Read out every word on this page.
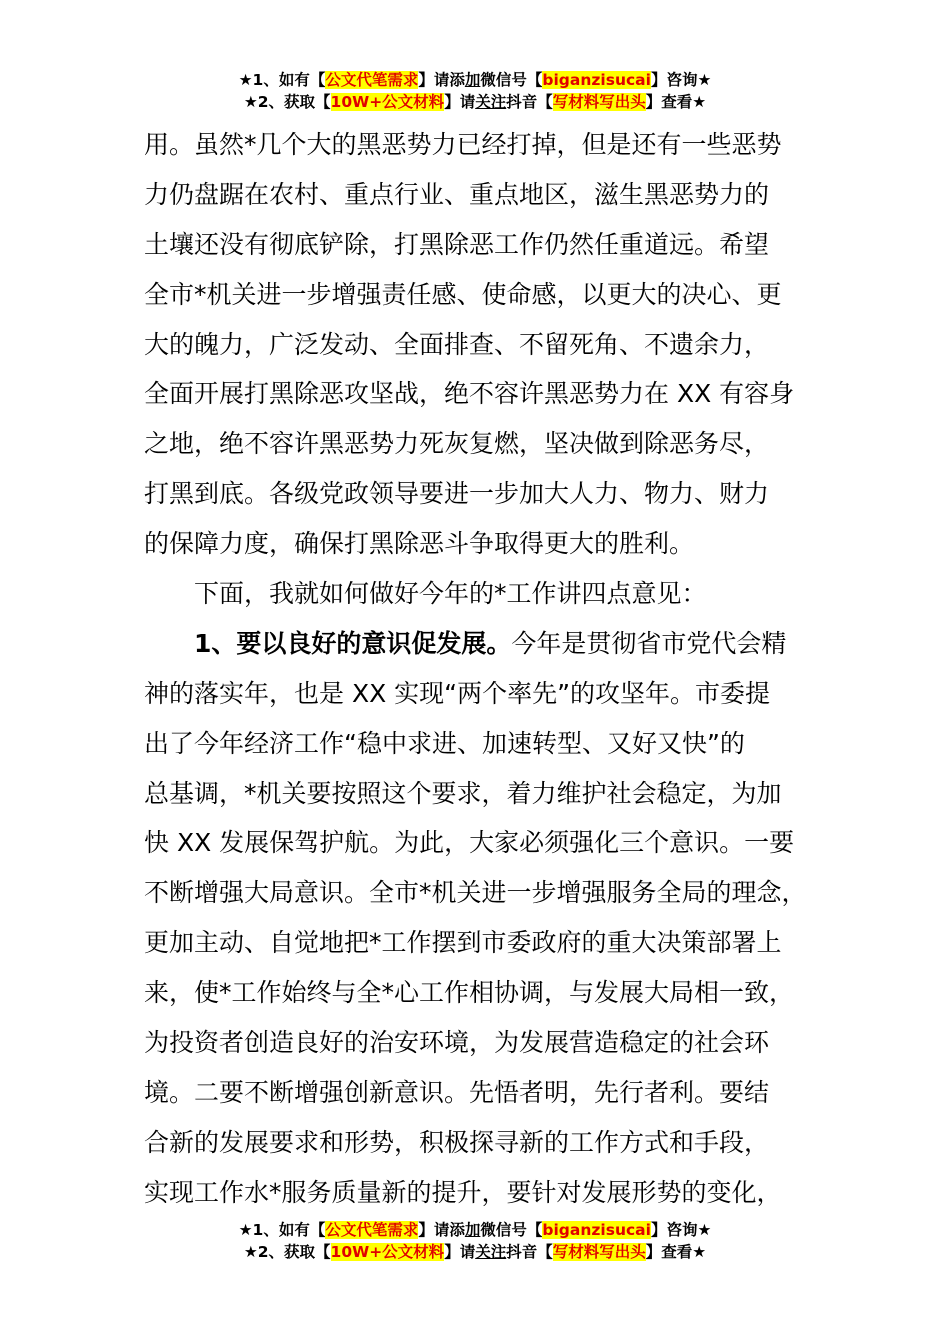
★1、如有【公文代笔需求】请添加微信号【biganzisucai】咨询★
★2、获取【10W+公文材料】请关注抖音【写材料写出头】查看★
用。虽然*几个大的黑恶势力已经打掉，但是还有一些恶势
力仍盘踞在农村、重点行业、重点地区，滋生黑恶势力的
土壤还没有彻底铲除，打黑除恶工作仍然任重道远。希望
全市*机关进一步增强责任感、使命感，以更大的决心、更
大的魄力，广泛发动、全面排查、不留死角、不遗余力，
全面开展打黑除恶攻坚战，绝不容许黑恶势力在 XX 有容身
之地，绝不容许黑恶势力死灰复燃，坚决做到除恶务尽，
打黑到底。各级党政领导要进一步加大人力、物力、财力
的保障力度，确保打黑除恶斗争取得更大的胜利。
下面，我就如何做好今年的*工作讲四点意见：
1、要以良好的意识促发展。今年是贯彻省市党代会精
神的落实年，也是 XX 实现“两个率先”的攻坚年。市委提
出了今年经济工作“稳中求进、加速转型、又好又快”的
总基调，*机关要按照这个要求，着力维护社会稳定，为加
快 XX 发展保驾护航。为此，大家必须强化三个意识。一要
不断增强大局意识。全市*机关进一步增强服务全局的理念，
更加主动、自觉地把*工作摆到市委政府的重大决策部署上
来，使*工作始终与全*心工作相协调，与发展大局相一致，
为投资者创造良好的治安环境，为发展营造稳定的社会环
境。二要不断增强创新意识。先悟者明，先行者利。要结
合新的发展要求和形势，积极探寻新的工作方式和手段，
实现工作水*服务质量新的提升，要针对发展形势的变化，
★1、如有【公文代笔需求】请添加微信号【biganzisucai】咨询★
★2、获取【10W+公文材料】请关注抖音【写材料写出头】查看★
